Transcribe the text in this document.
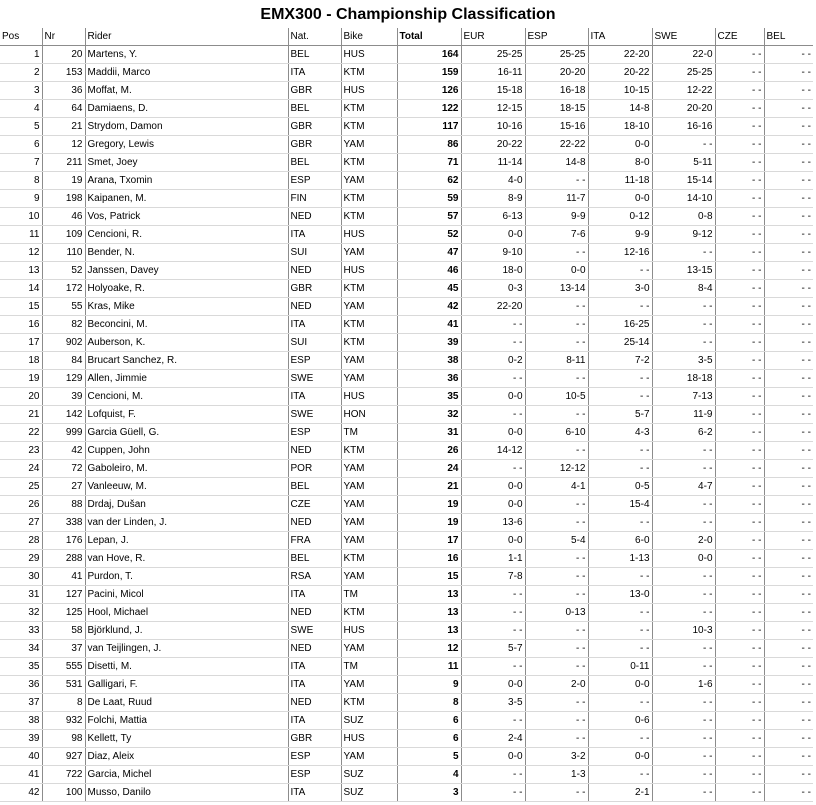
EMX300 - Championship Classification
Pos	Nr	Rider	Nat.	Bike	Total	EUR	ESP	ITA	SWE	CZE	BEL
1	20	Martens, Y.	BEL	HUS	164	25-25	25-25	22-20	22-0	- -	- -
2	153	Maddii, Marco	ITA	KTM	159	16-11	20-20	20-22	25-25	- -	- -
3	36	Moffat, M.	GBR	HUS	126	15-18	16-18	10-15	12-22	- -	- -
4	64	Damiaens, D.	BEL	KTM	122	12-15	18-15	14-8	20-20	- -	- -
5	21	Strydom, Damon	GBR	KTM	117	10-16	15-16	18-10	16-16	- -	- -
6	12	Gregory, Lewis	GBR	YAM	86	20-22	22-22	0-0	- -	- -	- -
7	211	Smet, Joey	BEL	KTM	71	11-14	14-8	8-0	5-11	- -	- -
8	19	Arana, Txomin	ESP	YAM	62	4-0	- -	11-18	15-14	- -	- -
9	198	Kaipanen, M.	FIN	KTM	59	8-9	11-7	0-0	14-10	- -	- -
10	46	Vos, Patrick	NED	KTM	57	6-13	9-9	0-12	0-8	- -	- -
11	109	Cencioni, R.	ITA	HUS	52	0-0	7-6	9-9	9-12	- -	- -
12	110	Bender, N.	SUI	YAM	47	9-10	- -	12-16	- -	- -	- -
13	52	Janssen, Davey	NED	HUS	46	18-0	0-0	- -	13-15	- -	- -
14	172	Holyoake, R.	GBR	KTM	45	0-3	13-14	3-0	8-4	- -	- -
15	55	Kras, Mike	NED	YAM	42	22-20	- -	- -	- -	- -	- -
16	82	Beconcini, M.	ITA	KTM	41	- -	- -	16-25	- -	- -	- -
17	902	Auberson, K.	SUI	KTM	39	- -	- -	25-14	- -	- -	- -
18	84	Brucart Sanchez, R.	ESP	YAM	38	0-2	8-11	7-2	3-5	- -	- -
19	129	Allen, Jimmie	SWE	YAM	36	- -	- -	- -	18-18	- -	- -
20	39	Cencioni, M.	ITA	HUS	35	0-0	10-5	- -	7-13	- -	- -
21	142	Lofquist, F.	SWE	HON	32	- -	- -	5-7	11-9	- -	- -
22	999	Garcia Güell, G.	ESP	TM	31	0-0	6-10	4-3	6-2	- -	- -
23	42	Cuppen, John	NED	KTM	26	14-12	- -	- -	- -	- -	- -
24	72	Gaboleiro, M.	POR	YAM	24	- -	12-12	- -	- -	- -	- -
25	27	Vanleeuw, M.	BEL	YAM	21	0-0	4-1	0-5	4-7	- -	- -
26	88	Drdaj, Dušan	CZE	YAM	19	0-0	- -	15-4	- -	- -	- -
27	338	van der Linden, J.	NED	YAM	19	13-6	- -	- -	- -	- -	- -
28	176	Lepan, J.	FRA	YAM	17	0-0	5-4	6-0	2-0	- -	- -
29	288	van Hove, R.	BEL	KTM	16	1-1	- -	1-13	0-0	- -	- -
30	41	Purdon, T.	RSA	YAM	15	7-8	- -	- -	- -	- -	- -
31	127	Pacini, Micol	ITA	TM	13	- -	- -	13-0	- -	- -	- -
32	125	Hool, Michael	NED	KTM	13	- -	0-13	- -	- -	- -	- -
33	58	Björklund, J.	SWE	HUS	13	- -	- -	- -	10-3	- -	- -
34	37	van Teijlingen, J.	NED	YAM	12	5-7	- -	- -	- -	- -	- -
35	555	Disetti, M.	ITA	TM	11	- -	- -	0-11	- -	- -	- -
36	531	Galligari, F.	ITA	YAM	9	0-0	2-0	0-0	1-6	- -	- -
37	8	De Laat, Ruud	NED	KTM	8	3-5	- -	- -	- -	- -	- -
38	932	Folchi, Mattia	ITA	SUZ	6	- -	- -	0-6	- -	- -	- -
39	98	Kellett, Ty	GBR	HUS	6	2-4	- -	- -	- -	- -	- -
40	927	Diaz, Aleix	ESP	YAM	5	0-0	3-2	0-0	- -	- -	- -
41	722	Garcia, Michel	ESP	SUZ	4	- -	1-3	- -	- -	- -	- -
42	100	Musso, Danilo	ITA	SUZ	3	- -	- -	2-1	- -	- -	- -
